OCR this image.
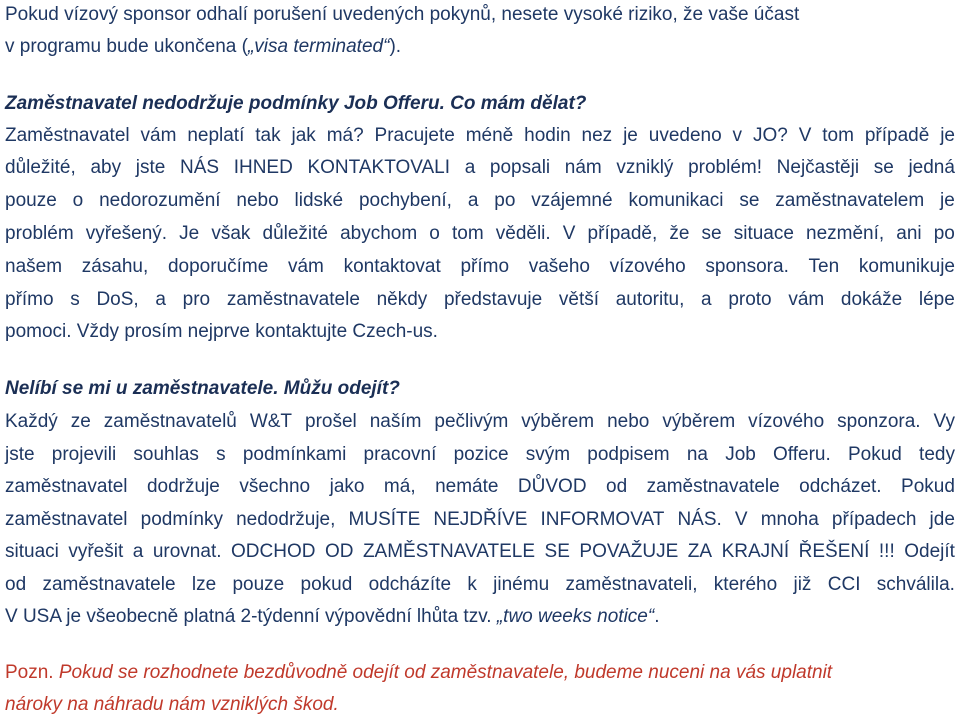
Pokud vízový sponsor odhalí porušení uvedených pokynů, nesete vysoké riziko, že vaše účast
v programu bude ukončena („visa terminated“).
Zaměstnavatel nedodržuje podmínky Job Offeru. Co mám dělat?
Zaměstnavatel vám neplatí tak jak má? Pracujete méně hodin nez je uvedeno v JO? V tom případě je
důležité, aby jste NÁS IHNED KONTAKTOVALI a popsali nám vzniklý problém! Nejčastěji se jedná
pouze o nedorozumění nebo lidské pochybení, a po vzájemné komunikaci se zaměstnavatelem je
problém vyřešený. Je však důležité abychom o tom věděli. V případě, že se situace nezmění, ani po
našem zásahu, doporučíme vám kontaktovat přímo vašeho vízového sponsora. Ten komunikuje
přímo s DoS, a pro zaměstnavatele někdy představuje větší autoritu, a proto vám dokáže lépe
pomoci. Vždy prosím nejprve kontaktujte Czech-us.
Nelíbí se mi u zaměstnavatele. Můžu odejít?
Každý ze zaměstnavatelů W&T prošel naším pečlivým výběrem nebo výběrem vízového sponzora. Vy
jste projevili souhlas s podmínkami pracovní pozice svým podpisem na Job Offeru. Pokud tedy
zaměstnavatel dodržuje všechno jako má, nemáte DŮVOD od zaměstnavatele odcházet. Pokud
zaměstnavatel podmínky nedodržuje, MUSÍTE NEJDŘÍVE INFORMOVAT NÁS. V mnoha případech jde
situaci vyřešit a urovnat. ODCHOD OD ZAMĚSTNAVATELE SE POVAŽUJE ZA KRAJNÍ ŘEŠENÍ !!! Odejít
od zaměstnavatele lze pouze pokud odcházíte k jinému zaměstnavateli, kterého již CCI schválila.
V USA je všeobecně platná 2-týdenní výpovědní lhůta tzv. „two weeks notice“.
Pozn. Pokud se rozhodnete bezdůvodně odejít od zaměstnavatele, budeme nuceni na vás uplatnit
nároky na náhradu nám vzniklých škod.
